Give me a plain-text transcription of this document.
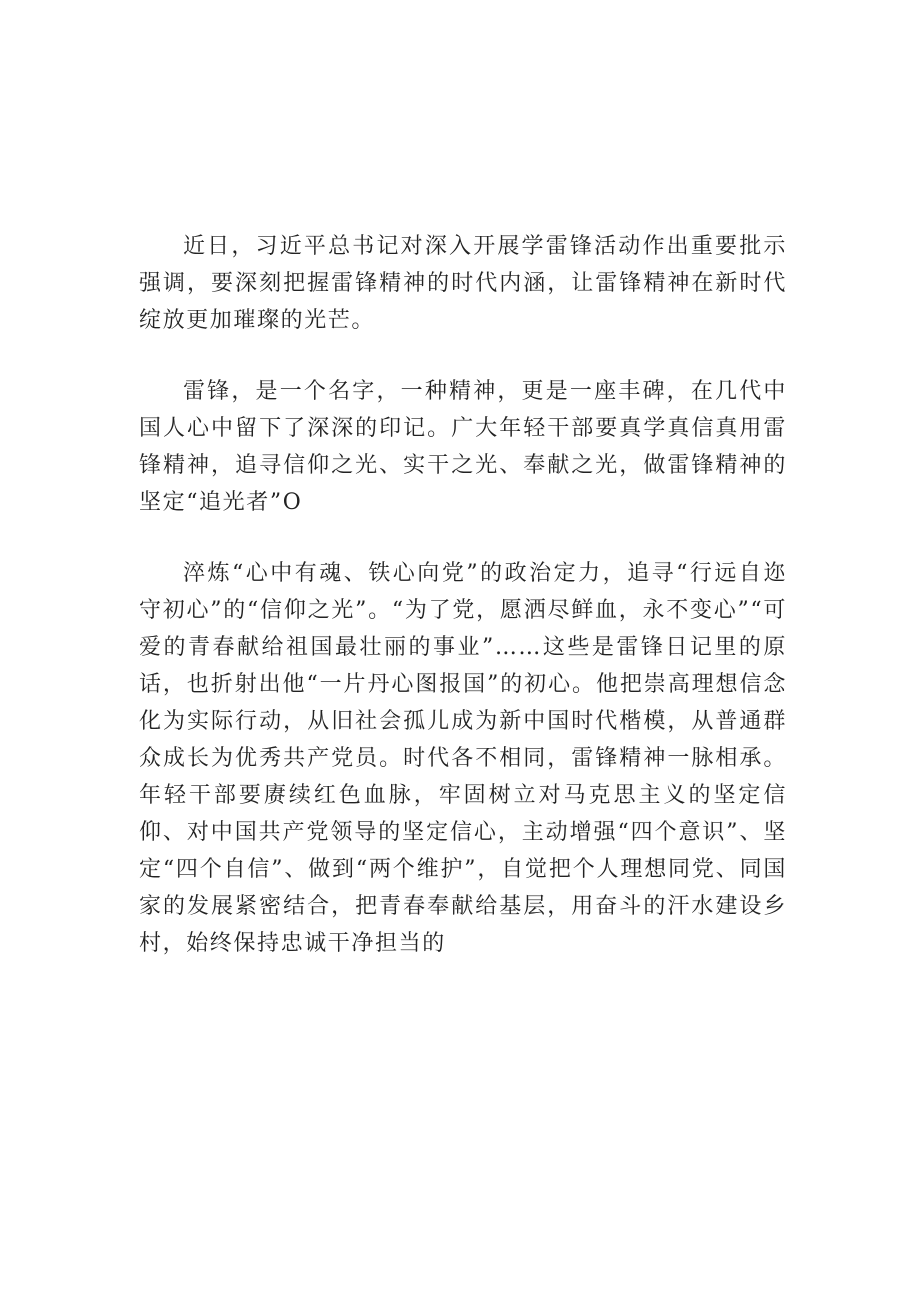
近日，习近平总书记对深入开展学雷锋活动作出重要批示强调，要深刻把握雷锋精神的时代内涵，让雷锋精神在新时代绽放更加璀璨的光芒。

雷锋，是一个名字，一种精神，更是一座丰碑，在几代中国人心中留下了深深的印记。广大年轻干部要真学真信真用雷锋精神，追寻信仰之光、实干之光、奉献之光，做雷锋精神的坚定“追光者”O

淬炼“心中有魂、铁心向党”的政治定力，追寻“行远自迩守初心”的“信仰之光”。“为了党，愿洒尽鲜血，永不变心”“可爱的青春献给祖国最壮丽的事业”……这些是雷锋日记里的原话，也折射出他“一片丹心图报国”的初心。他把崇高理想信念化为实际行动，从旧社会孤儿成为新中国时代楷模，从普通群众成长为优秀共产党员。时代各不相同，雷锋精神一脉相承。年轻干部要赓续红色血脉，牢固树立对马克思主义的坚定信仰、对中国共产党领导的坚定信心，主动增强“四个意识”、坚定“四个自信”、做到“两个维护”，自觉把个人理想同党、同国家的发展紧密结合，把青春奉献给基层，用奋斗的汗水建设乡村，始终保持忠诚干净担当的
